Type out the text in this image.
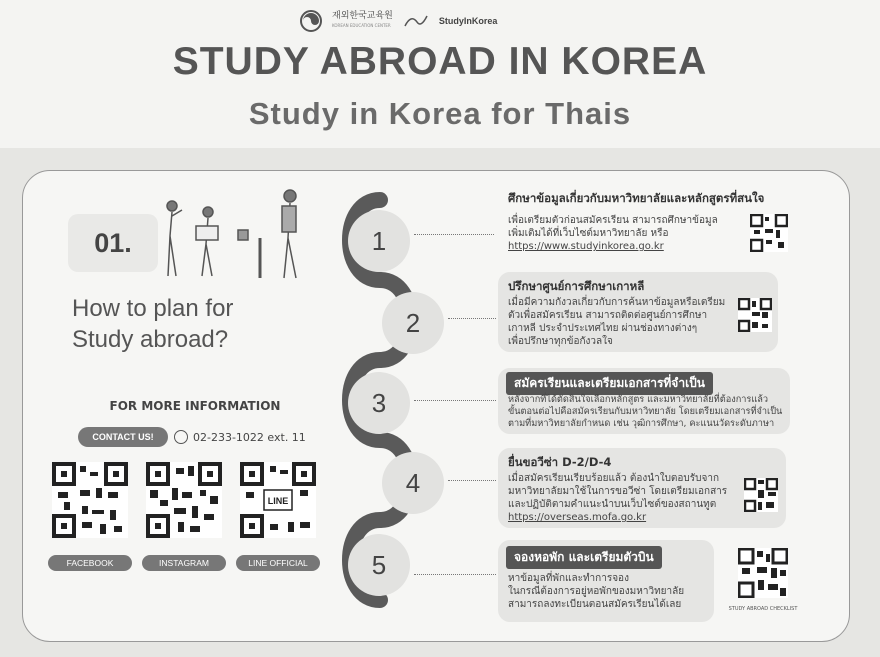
재외한국교육원
KOREAN EDUCATION CENTER	StudyInKorea
STUDY ABROAD IN KOREA
Study in Korea for Thais
01.
How to plan for
Study abroad?
FOR MORE INFORMATION
CONTACT US!	02-233-1022 ext. 11
LINE
FACEBOOK	INSTAGRAM	LINE OFFICIAL
1
2
3
4
5
ศึกษาข้อมูลเกี่ยวกับมหาวิทยาลัยและหลักสูตรที่สนใจ
เพื่อเตรียมตัวก่อนสมัครเรียน สามารถศึกษาข้อมูล
เพิ่มเติมได้ที่เว็บไซต์มหาวิทยาลัย หรือ
https://www.studyinkorea.go.kr
ปรึกษาศูนย์การศึกษาเกาหลี
เมื่อมีความกังวลเกี่ยวกับการค้นหาข้อมูลหรือเตรียม
ตัวเพื่อสมัครเรียน สามารถติดต่อศูนย์การศึกษา
เกาหลี ประจำประเทศไทย ผ่านช่องทางต่างๆ
เพื่อปรึกษาทุกข้อกังวลใจ
สมัครเรียนและเตรียมเอกสารที่จำเป็น
หลังจากที่ได้ตัดสินใจเลือกหลักสูตร และมหาวิทยาลัยที่ต้องการแล้ว
ขั้นตอนต่อไปคือสมัครเรียนกับมหาวิทยาลัย โดยเตรียมเอกสารที่จำเป็น
ตามที่มหาวิทยาลัยกำหนด เช่น วุฒิการศึกษา, คะแนนวัดระดับภาษา
ยื่นขอวีซ่า D-2/D-4
เมื่อสมัครเรียนเรียบร้อยแล้ว ต้องนำใบตอบรับจาก
มหาวิทยาลัยมาใช้ในการขอวีซ่า โดยเตรียมเอกสาร
และปฏิบัติตามคำแนะนำบนเว็บไซต์ของสถานทูต
https://overseas.mofa.go.kr
จองหอพัก และเตรียมตัวบิน
หาข้อมูลที่พักและทำการจอง
ในกรณีต้องการอยู่หอพักของมหาวิทยาลัย
สามารถลงทะเบียนตอนสมัครเรียนได้เลย	STUDY ABROAD CHECKLIST
